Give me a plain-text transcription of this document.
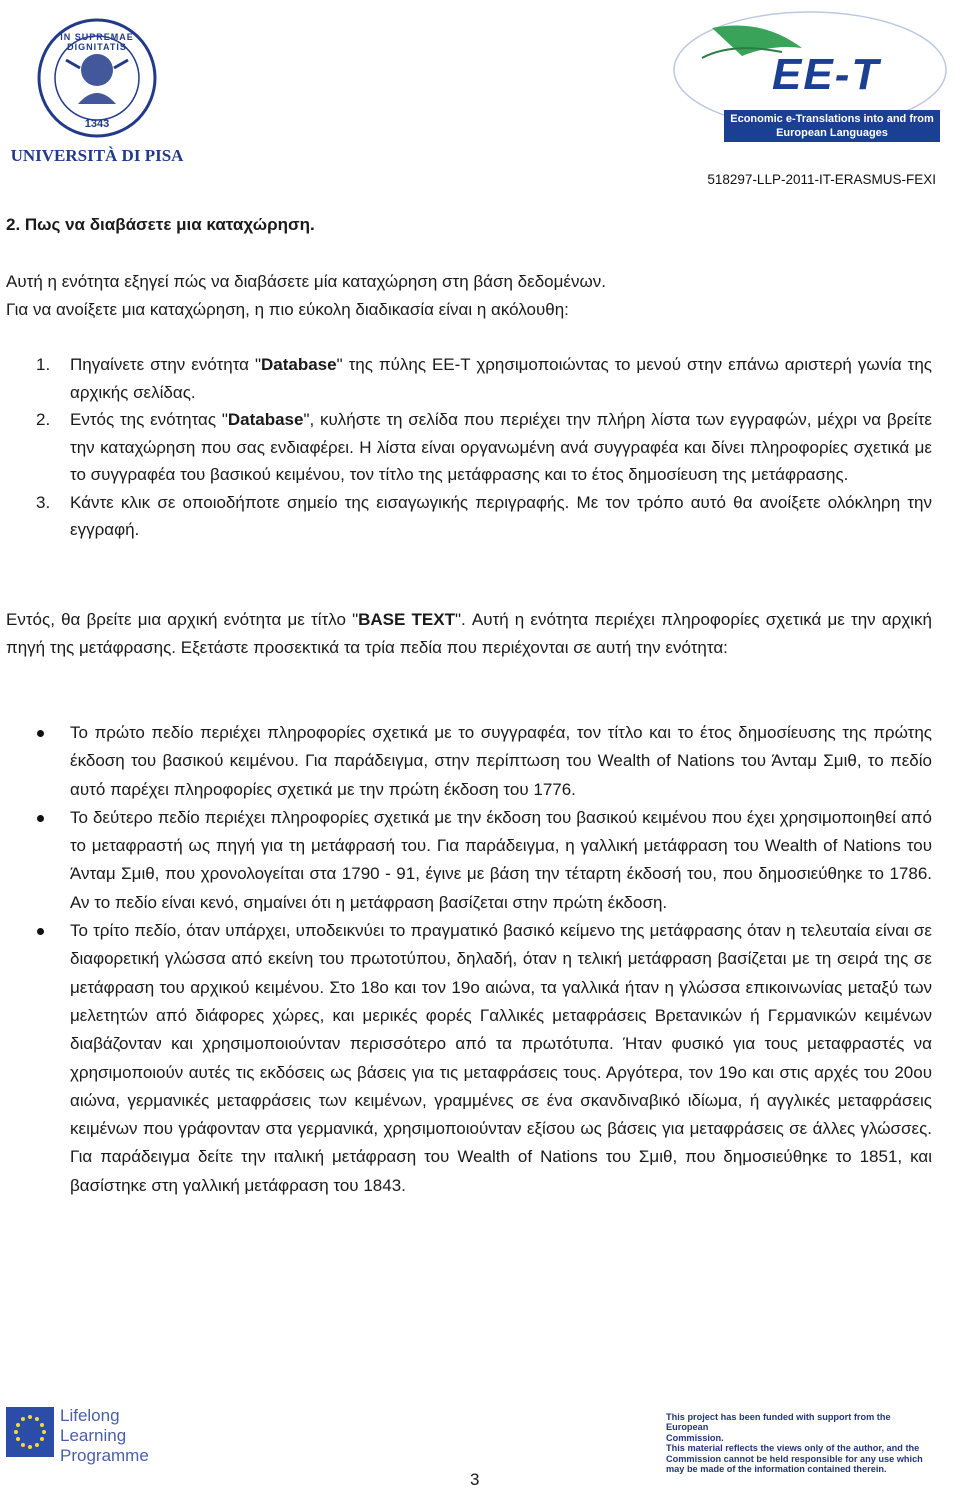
IN SUPREMAE DIGNITATIS
1343
UNIVERSITÀ DI PISA
EE-T
Economic e-Translations into and from
European Languages
518297-LLP-2011-IT-ERASMUS-FEXI
2. Πως να διαβάσετε μια καταχώρηση.
Αυτή η ενότητα εξηγεί πώς να διαβάσετε μία καταχώρηση στη βάση δεδομένων.
Για να ανοίξετε μια καταχώρηση, η πιο εύκολη διαδικασία είναι η ακόλουθη:
1. Πηγαίνετε στην ενότητα "Database" της πύλης EE-T χρησιμοποιώντας το μενού στην επάνω αριστερή γωνία της αρχικής σελίδας.
2. Εντός της ενότητας "Database", κυλήστε τη σελίδα που περιέχει την πλήρη λίστα των εγγραφών, μέχρι να βρείτε την καταχώρηση που σας ενδιαφέρει. Η λίστα είναι οργανωμένη ανά συγγραφέα και δίνει πληροφορίες σχετικά με το συγγραφέα του βασικού κειμένου, τον τίτλο της μετάφρασης και το έτος δημοσίευση της μετάφρασης.
3. Κάντε κλικ σε οποιοδήποτε σημείο της εισαγωγικής περιγραφής. Με τον τρόπο αυτό θα ανοίξετε ολόκληρη την εγγραφή.
Εντός, θα βρείτε μια αρχική ενότητα με τίτλο "BASE TEXT". Αυτή η ενότητα περιέχει πληροφορίες σχετικά με την αρχική πηγή της μετάφρασης. Εξετάστε προσεκτικά τα τρία πεδία που περιέχονται σε αυτή την ενότητα:
Το πρώτο πεδίο περιέχει πληροφορίες σχετικά με το συγγραφέα, τον τίτλο και το έτος δημοσίευσης της πρώτης έκδοση του βασικού κειμένου. Για παράδειγμα, στην περίπτωση του Wealth of Nations του Άνταμ Σμιθ, το πεδίο αυτό παρέχει πληροφορίες σχετικά με την πρώτη έκδοση του 1776.
Το δεύτερο πεδίο περιέχει πληροφορίες σχετικά με την έκδοση του βασικού κειμένου που έχει χρησιμοποιηθεί από το μεταφραστή ως πηγή για τη μετάφρασή του. Για παράδειγμα, η γαλλική μετάφραση του Wealth of Nations του Άνταμ Σμιθ, που χρονολογείται στα 1790 - 91, έγινε με βάση την τέταρτη έκδοσή του, που δημοσιεύθηκε το 1786. Αν το πεδίο είναι κενό, σημαίνει ότι η μετάφραση βασίζεται στην πρώτη έκδοση.
Το τρίτο πεδίο, όταν υπάρχει, υποδεικνύει το πραγματικό βασικό κείμενο της μετάφρασης όταν η τελευταία είναι σε διαφορετική γλώσσα από εκείνη του πρωτοτύπου, δηλαδή, όταν η τελική μετάφραση βασίζεται με τη σειρά της σε μετάφραση του αρχικού κειμένου. Στο 18ο και τον 19ο αιώνα, τα γαλλικά ήταν η γλώσσα επικοινωνίας μεταξύ των μελετητών από διάφορες χώρες, και μερικές φορές Γαλλικές μεταφράσεις Βρετανικών ή Γερμανικών κειμένων διαβάζονταν και χρησιμοποιούνταν περισσότερο από τα πρωτότυπα. Ήταν φυσικό για τους μεταφραστές να χρησιμοποιούν αυτές τις εκδόσεις ως βάσεις για τις μεταφράσεις τους. Αργότερα, τον 19ο και στις αρχές του 20ου αιώνα, γερμανικές μεταφράσεις των κειμένων, γραμμένες σε ένα σκανδιναβικό ιδίωμα, ή αγγλικές μεταφράσεις κειμένων που γράφονταν στα γερμανικά, χρησιμοποιούνταν εξίσου ως βάσεις για μεταφράσεις σε άλλες γλώσσες. Για παράδειγμα δείτε την ιταλική μετάφραση του Wealth of Nations του Σμιθ, που δημοσιεύθηκε το 1851, και βασίστηκε στη γαλλική μετάφραση του 1843.
Lifelong
Learning
Programme
3
This project has been funded with support from the European
Commission.
This material reflects the views only of the author, and the
Commission cannot be held responsible for any use which
may be made of the information contained therein.
